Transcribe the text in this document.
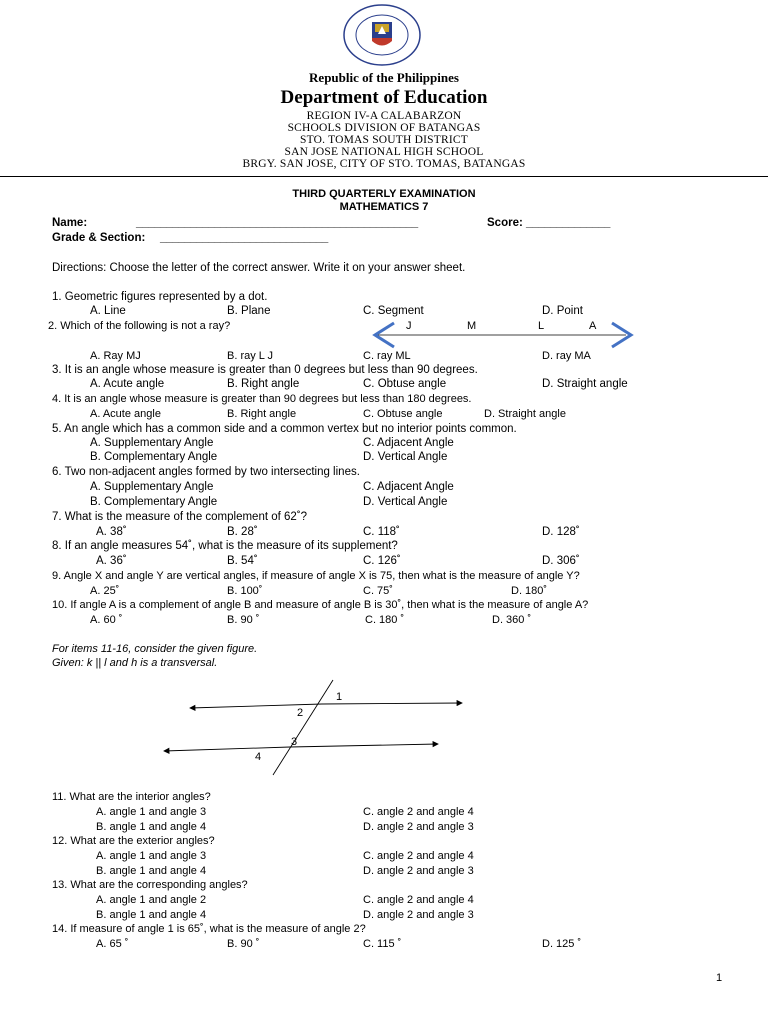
Republic of the Philippines
Department of Education
REGION IV-A CALABARZON
SCHOOLS DIVISION OF BATANGAS
STO. TOMAS SOUTH DISTRICT
SAN JOSE NATIONAL HIGH SCHOOL
BRGY. SAN JOSE, CITY OF STO. TOMAS, BATANGAS
THIRD QUARTERLY EXAMINATION
MATHEMATICS 7
Name:	_______________________________________________	Score: ______________
Grade & Section: ____________________________
Directions: Choose the letter of the correct answer. Write it on your answer sheet.
1. Geometric figures represented by a dot.
A. Line	B. Plane	C. Segment	D. Point
2. Which of the following is not a ray?	J	M	L	A
A. Ray MJ	B. ray L J	C. ray ML	D. ray MA
3. It is an angle whose measure is greater than 0 degrees but less than 90 degrees.
A. Acute angle	B. Right angle	C. Obtuse angle	D. Straight angle
4. It is an angle whose measure is greater than 90 degrees but less than 180 degrees.
A. Acute angle	B. Right angle	C. Obtuse angle	D. Straight angle
5. An angle which has a common side and a common vertex but no interior points common.
A. Supplementary Angle	C. Adjacent Angle
B. Complementary Angle	D. Vertical Angle
6. Two non-adjacent angles formed by two intersecting lines.
A. Supplementary Angle	C. Adjacent Angle
B. Complementary Angle	D. Vertical Angle
7. What is the measure of the complement of 62˚?
A. 38˚	B. 28˚	C. 118˚	D. 128˚
8. If an angle measures 54˚, what is the measure of its supplement?
A. 36˚	B. 54˚	C. 126˚	D. 306˚
9. Angle X and angle Y are vertical angles, if measure of angle X is 75, then what is the measure of angle Y?
A. 25˚	B. 100˚	C. 75˚	D. 180˚
10. If angle A is a complement of angle B and measure of angle B is 30˚, then what is the measure of angle A?
A. 60 ˚	B. 90 ˚	C. 180 ˚	D. 360 ˚
For items 11-16, consider the given figure.
Given: k || l and h is a transversal.
1
2
3
4
11. What are the interior angles?
A. angle 1 and angle 3	C. angle 2 and angle 4
B. angle 1 and angle 4	D. angle 2 and angle 3
12. What are the exterior angles?
A. angle 1 and angle 3	C. angle 2 and angle 4
B. angle 1 and angle 4	D. angle 2 and angle 3
13. What are the corresponding angles?
A. angle 1 and angle 2	C. angle 2 and angle 4
B. angle 1 and angle 4	D. angle 2 and angle 3
14. If measure of angle 1 is 65˚, what is the measure of angle 2?
A. 65 ˚	B. 90 ˚	C. 115 ˚	D. 125 ˚
1
